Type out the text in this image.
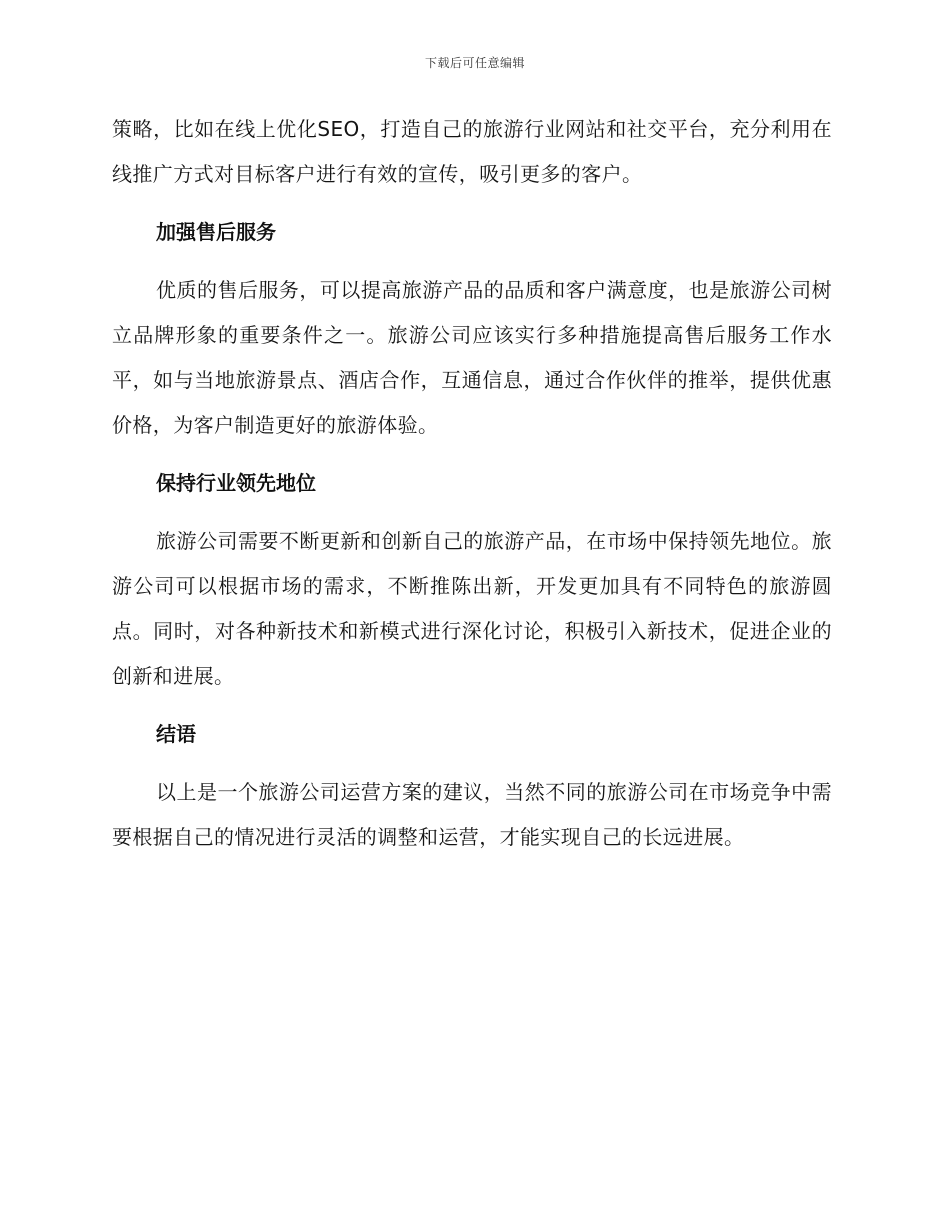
下载后可任意编辑

策略，比如在线上优化SEO，打造自己的旅游行业网站和社交平台，充分利用在线推广方式对目标客户进行有效的宣传，吸引更多的客户。

加强售后服务

优质的售后服务，可以提高旅游产品的品质和客户满意度，也是旅游公司树立品牌形象的重要条件之一。旅游公司应该实行多种措施提高售后服务工作水平，如与当地旅游景点、酒店合作，互通信息，通过合作伙伴的推举，提供优惠价格，为客户制造更好的旅游体验。

保持行业领先地位

旅游公司需要不断更新和创新自己的旅游产品，在市场中保持领先地位。旅游公司可以根据市场的需求，不断推陈出新，开发更加具有不同特色的旅游圆点。同时，对各种新技术和新模式进行深化讨论，积极引入新技术，促进企业的创新和进展。

结语

以上是一个旅游公司运营方案的建议，当然不同的旅游公司在市场竞争中需要根据自己的情况进行灵活的调整和运营，才能实现自己的长远进展。
